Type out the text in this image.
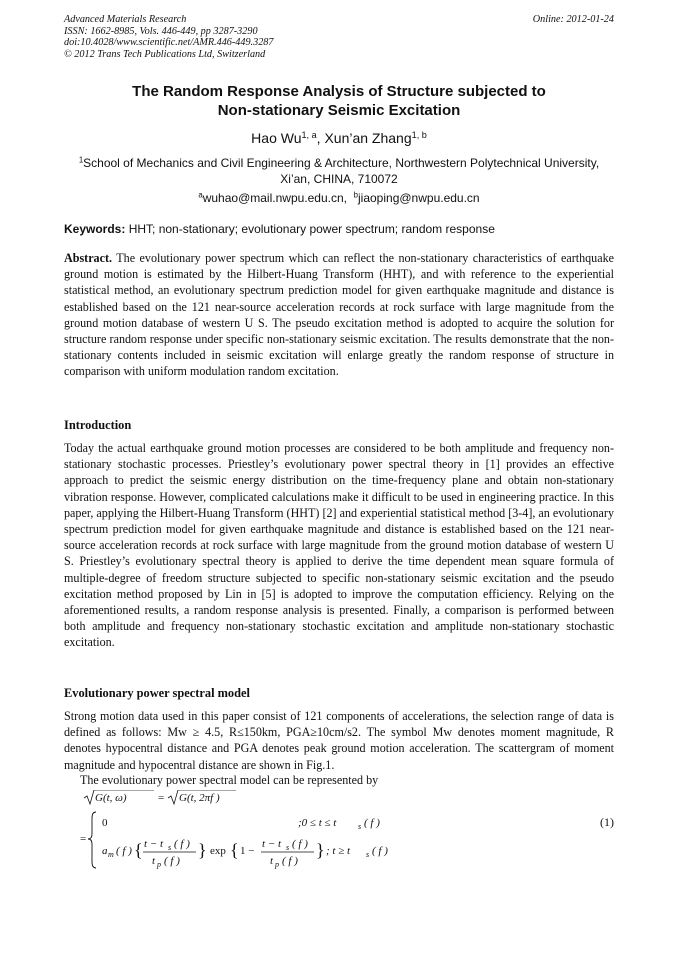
Advanced Materials Research
ISSN: 1662-8985, Vols. 446-449, pp 3287-3290
doi:10.4028/www.scientific.net/AMR.446-449.3287
© 2012 Trans Tech Publications Ltd, Switzerland
Online: 2012-01-24
The Random Response Analysis of Structure subjected to
Non-stationary Seismic Excitation
Hao Wu$^{1, a}$, Xun’an Zhang$^{1, b}$
$^1$School of Mechanics and Civil Engineering & Architecture, Northwestern Polytechnical University,
Xi’an, CHINA, 710072
$^a$wuhao@mail.nwpu.edu.cn, $^b$jiaoping@nwpu.edu.cn
Keywords: HHT; non-stationary; evolutionary power spectrum; random response

Abstract. The evolutionary power spectrum which can reflect the non-stationary characteristics of earthquake ground motion is estimated by the Hilbert-Huang Transform (HHT), and with reference to the experiential statistical method, an evolutionary spectrum prediction model for given earthquake magnitude and distance is established based on the 121 near-source acceleration records at rock surface with large magnitude from the ground motion database of western U S. The pseudo excitation method is adopted to acquire the solution for structure random response under specific non-stationary seismic excitation. The results demonstrate that the non-stationary contents included in seismic excitation will enlarge greatly the random response of structure in comparison with uniform modulation random excitation.

Introduction

Today the actual earthquake ground motion processes are considered to be both amplitude and frequency non-stationary stochastic processes. Priestley’s evolutionary power spectral theory in [1] provides an effective approach to predict the seismic energy distribution on the time-frequency plane and obtain non-stationary vibration response. However, complicated calculations make it difficult to be used in engineering practice. In this paper, applying the Hilbert-Huang Transform (HHT) [2] and experiential statistical method [3-4], an evolutionary spectrum prediction model for given earthquake magnitude and distance is established based on the 121 near-source acceleration records at rock surface with large magnitude from the ground motion database of western U S. Priestley’s evolutionary spectral theory is applied to derive the time dependent mean square formula of multiple-degree of freedom structure subjected to specific non-stationary seismic excitation and the pseudo excitation method proposed by Lin in [5] is adopted to improve the computation efficiency. Relying on the aforementioned results, a random response analysis is presented. Finally, a comparison is performed between both amplitude and frequency non-stationary stochastic excitation and amplitude non-stationary stochastic excitation.

Evolutionary power spectral model

Strong motion data used in this paper consist of 121 components of accelerations, the selection range of data is defined as follows: Mw ≥ 4.5, R≤150km, PGA≥10cm/s2. The symbol Mw denotes moment magnitude, R denotes hypocentral distance and PGA denotes peak ground motion acceleration. The scattergram of moment magnitude and hypocentral distance are shown in Fig.1.

The evolutionary power spectral model can be represented by
G(t, ω)	= G(t, 2πf )
=
0	;0 ≤ t ≤ t	s ( f )
a m ( f ) { t − t s ( f )
t p ( f )
} exp { 1 −
t − t s ( f )
t p ( f )
} ; t ≥ t s ( f )
(1)
